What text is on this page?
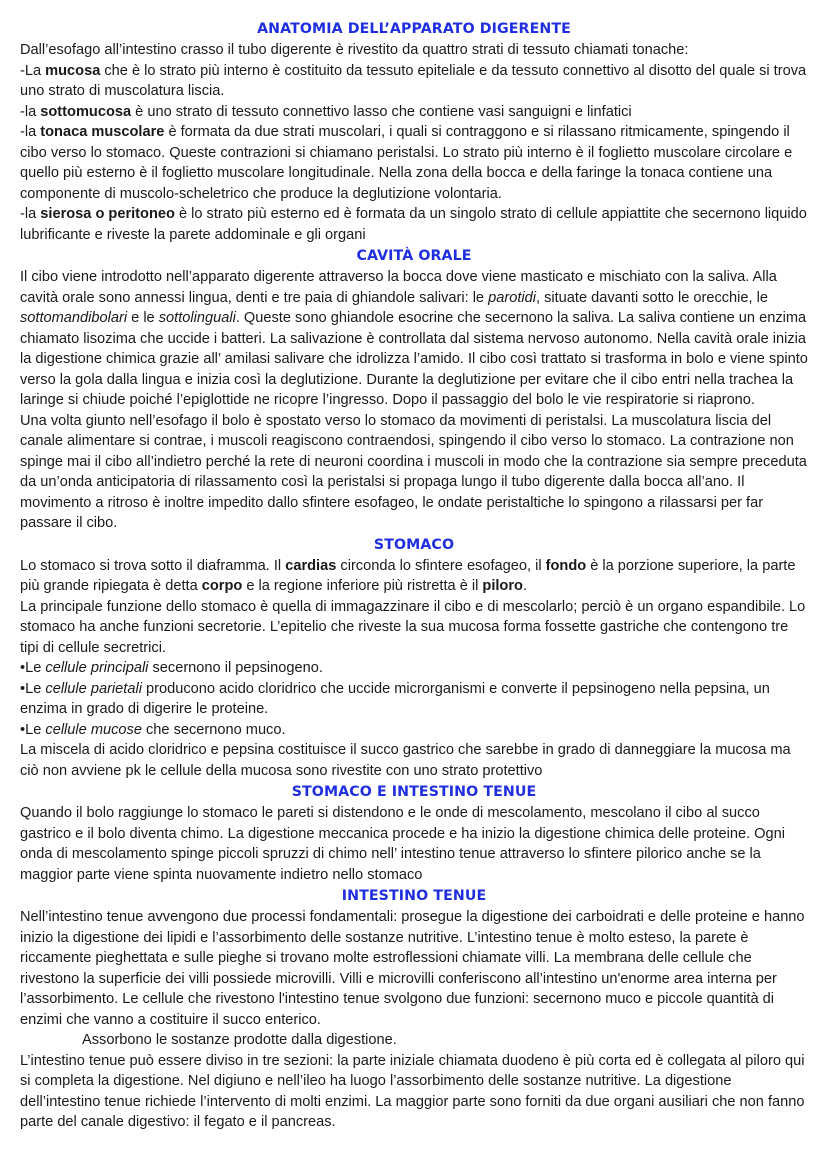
ANATOMIA DELL’APPARATO DIGERENTE

Dall’esofago all’intestino crasso il tubo digerente è rivestito da quattro strati di tessuto chiamati tonache:

-La mucosa che è lo strato più interno è costituito da tessuto epiteliale e da tessuto connettivo al disotto del quale si trova uno strato di muscolatura liscia.

-la sottomucosa è uno strato di tessuto connettivo lasso che contiene vasi sanguigni e linfatici

-la tonaca muscolare è formata da due strati muscolari, i quali si contraggono e si rilassano ritmicamente, spingendo il cibo verso lo stomaco. Queste contrazioni si chiamano peristalsi. Lo strato più interno è il foglietto muscolare circolare e quello più esterno è il foglietto muscolare longitudinale. Nella zona della bocca e della faringe la tonaca contiene una componente di muscolo-scheletrico che produce la deglutizione volontaria.

-la sierosa o peritoneo è lo strato più esterno ed è formata da un singolo strato di cellule appiattite che secernono liquido lubrificante e riveste la parete addominale e gli organi

CAVITÀ ORALE

Il cibo viene introdotto nell’apparato digerente attraverso la bocca dove viene masticato e mischiato con la saliva. Alla cavità orale sono annessi lingua, denti e tre paia di ghiandole salivari: le parotidi, situate davanti sotto le orecchie, le sottomandibolari e le sottolinguali. Queste sono ghiandole esocrine che secernono la saliva. La saliva contiene un enzima chiamato lisozima che uccide i batteri. La salivazione è controllata dal sistema nervoso autonomo. Nella cavità orale inizia la digestione chimica grazie all’ amilasi salivare che idrolizza l’amido. Il cibo così trattato si trasforma in bolo e viene spinto verso la gola dalla lingua e inizia così la deglutizione. Durante la deglutizione per evitare che il cibo entri nella trachea la laringe si chiude poiché l’epiglottide ne ricopre l’ingresso. Dopo il passaggio del bolo le vie respiratorie si riaprono.

Una volta giunto nell’esofago il bolo è spostato verso lo stomaco da movimenti di peristalsi. La muscolatura liscia del canale alimentare si contrae, i muscoli reagiscono contraendosi, spingendo il cibo verso lo stomaco. La contrazione non spinge mai il cibo all’indietro perché la rete di neuroni coordina i muscoli in modo che la contrazione sia sempre preceduta da un’onda anticipatoria di rilassamento così la peristalsi si propaga lungo il tubo digerente dalla bocca all’ano. Il movimento a ritroso è inoltre impedito dallo sfintere esofageo, le ondate peristaltiche lo spingono a rilassarsi per far passare il cibo.

STOMACO

Lo stomaco si trova sotto il diaframma. Il cardias circonda lo sfintere esofageo, il fondo è la porzione superiore, la parte più grande ripiegata è detta corpo e la regione inferiore più ristretta è il piloro.

La principale funzione dello stomaco è quella di immagazzinare il cibo e di mescolarlo; perciò è un organo espandibile. Lo stomaco ha anche funzioni secretorie. L’epitelio che riveste la sua mucosa forma fossette gastriche che contengono tre tipi di cellule secretrici.

•Le cellule principali secernono il pepsinogeno.

•Le cellule parietali producono acido cloridrico che uccide microrganismi e converte il pepsinogeno nella pepsina, un enzima in grado di digerire le proteine.

•Le cellule mucose che secernono muco.

La miscela di acido cloridrico e pepsina costituisce il succo gastrico che sarebbe in grado di danneggiare la mucosa ma ciò non avviene pk le cellule della mucosa sono rivestite con uno strato protettivo

STOMACO E INTESTINO TENUE

Quando il bolo raggiunge lo stomaco le pareti si distendono e le onde di mescolamento, mescolano il cibo al succo gastrico e il bolo diventa chimo. La digestione meccanica procede e ha inizio la digestione chimica delle proteine. Ogni onda di mescolamento spinge piccoli spruzzi di chimo nell’ intestino tenue attraverso lo sfintere pilorico anche se la maggior parte viene spinta nuovamente indietro nello stomaco

INTESTINO TENUE

Nell’intestino tenue avvengono due processi fondamentali: prosegue la digestione dei carboidrati e delle proteine e hanno inizio la digestione dei lipidi e l’assorbimento delle sostanze nutritive. L’intestino tenue è molto esteso, la parete è riccamente pieghettata e sulle pieghe si trovano molte estroflessioni chiamate villi. La membrana delle cellule che rivestono la superficie dei villi possiede microvilli. Villi e microvilli conferiscono all’intestino un'enorme area interna per l’assorbimento. Le cellule che rivestono l'intestino tenue svolgono due funzioni: secernono muco e piccole quantità di enzimi che vanno a costituire il succo enterico.

Assorbono le sostanze prodotte dalla digestione.

L’intestino tenue può essere diviso in tre sezioni: la parte iniziale chiamata duodeno è più corta ed è collegata al piloro qui si completa la digestione. Nel digiuno e nell’ileo ha luogo l’assorbimento delle sostanze nutritive. La digestione dell’intestino tenue richiede l’intervento di molti enzimi. La maggior parte sono forniti da due organi ausiliari che non fanno parte del canale digestivo: il fegato e il pancreas.
